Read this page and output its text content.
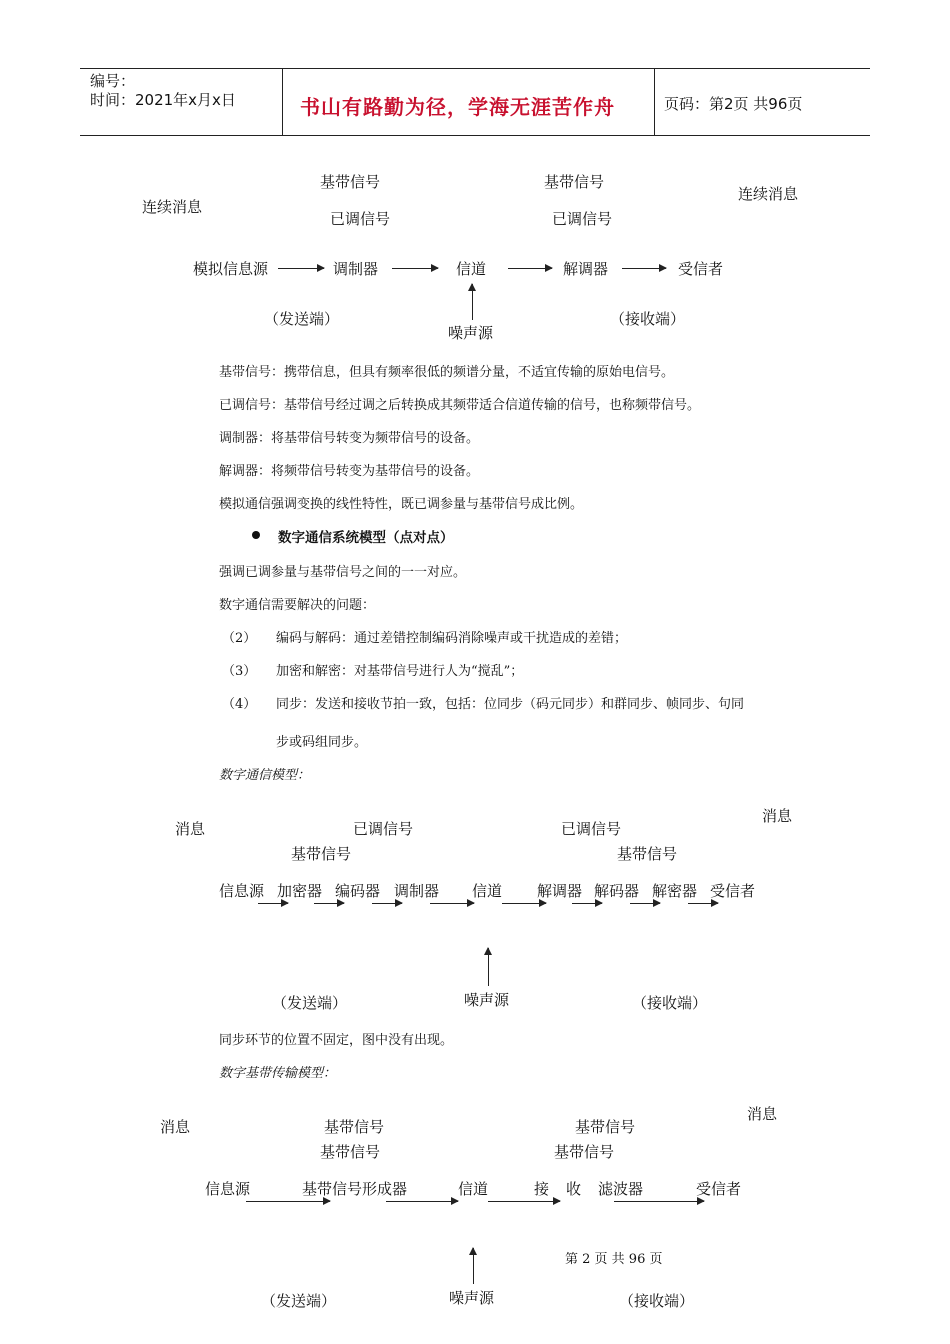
编号：
时间：2021年x月x日	书山有路勤为径，学海无涯苦作舟	页码：第2页 共96页
基带信号	基带信号
连续消息
连续消息
已调信号	已调信号
模拟信息源	调制器	信道	解调器	受信者
（发送端）
噪声源
（接收端）
基带信号：携带信息，但具有频率很低的频谱分量，不适宜传输的原始电信号。
已调信号：基带信号经过调之后转换成其频带适合信道传输的信号，也称频带信号。
调制器：将基带信号转变为频带信号的设备。
解调器：将频带信号转变为基带信号的设备。
模拟通信强调变换的线性特性，既已调参量与基带信号成比例。
数字通信系统模型（点对点）
强调已调参量与基带信号之间的一一对应。
数字通信需要解决的问题：
（2） 编码与解码：通过差错控制编码消除噪声或干扰造成的差错；
（3） 加密和解密：对基带信号进行人为“搅乱”；
（4） 同步：发送和接收节拍一致，包括：位同步（码元同步）和群同步、帧同步、句同
步或码组同步。
数字通信模型：
消息
消息	已调信号	已调信号
基带信号	基带信号
信息源 加密器 编码器 调制器 信道 解调器 解码器 解密器 受信者
噪声源
（发送端）	（接收端）
同步环节的位置不固定，图中没有出现。
数字基带传输模型：
消息
消息	基带信号	基带信号
基带信号	基带信号
信息源	基带信号形成器	信道	接 收 滤波器	受信者
噪声源
（发送端）	（接收端）
第 2 页 共 96 页
